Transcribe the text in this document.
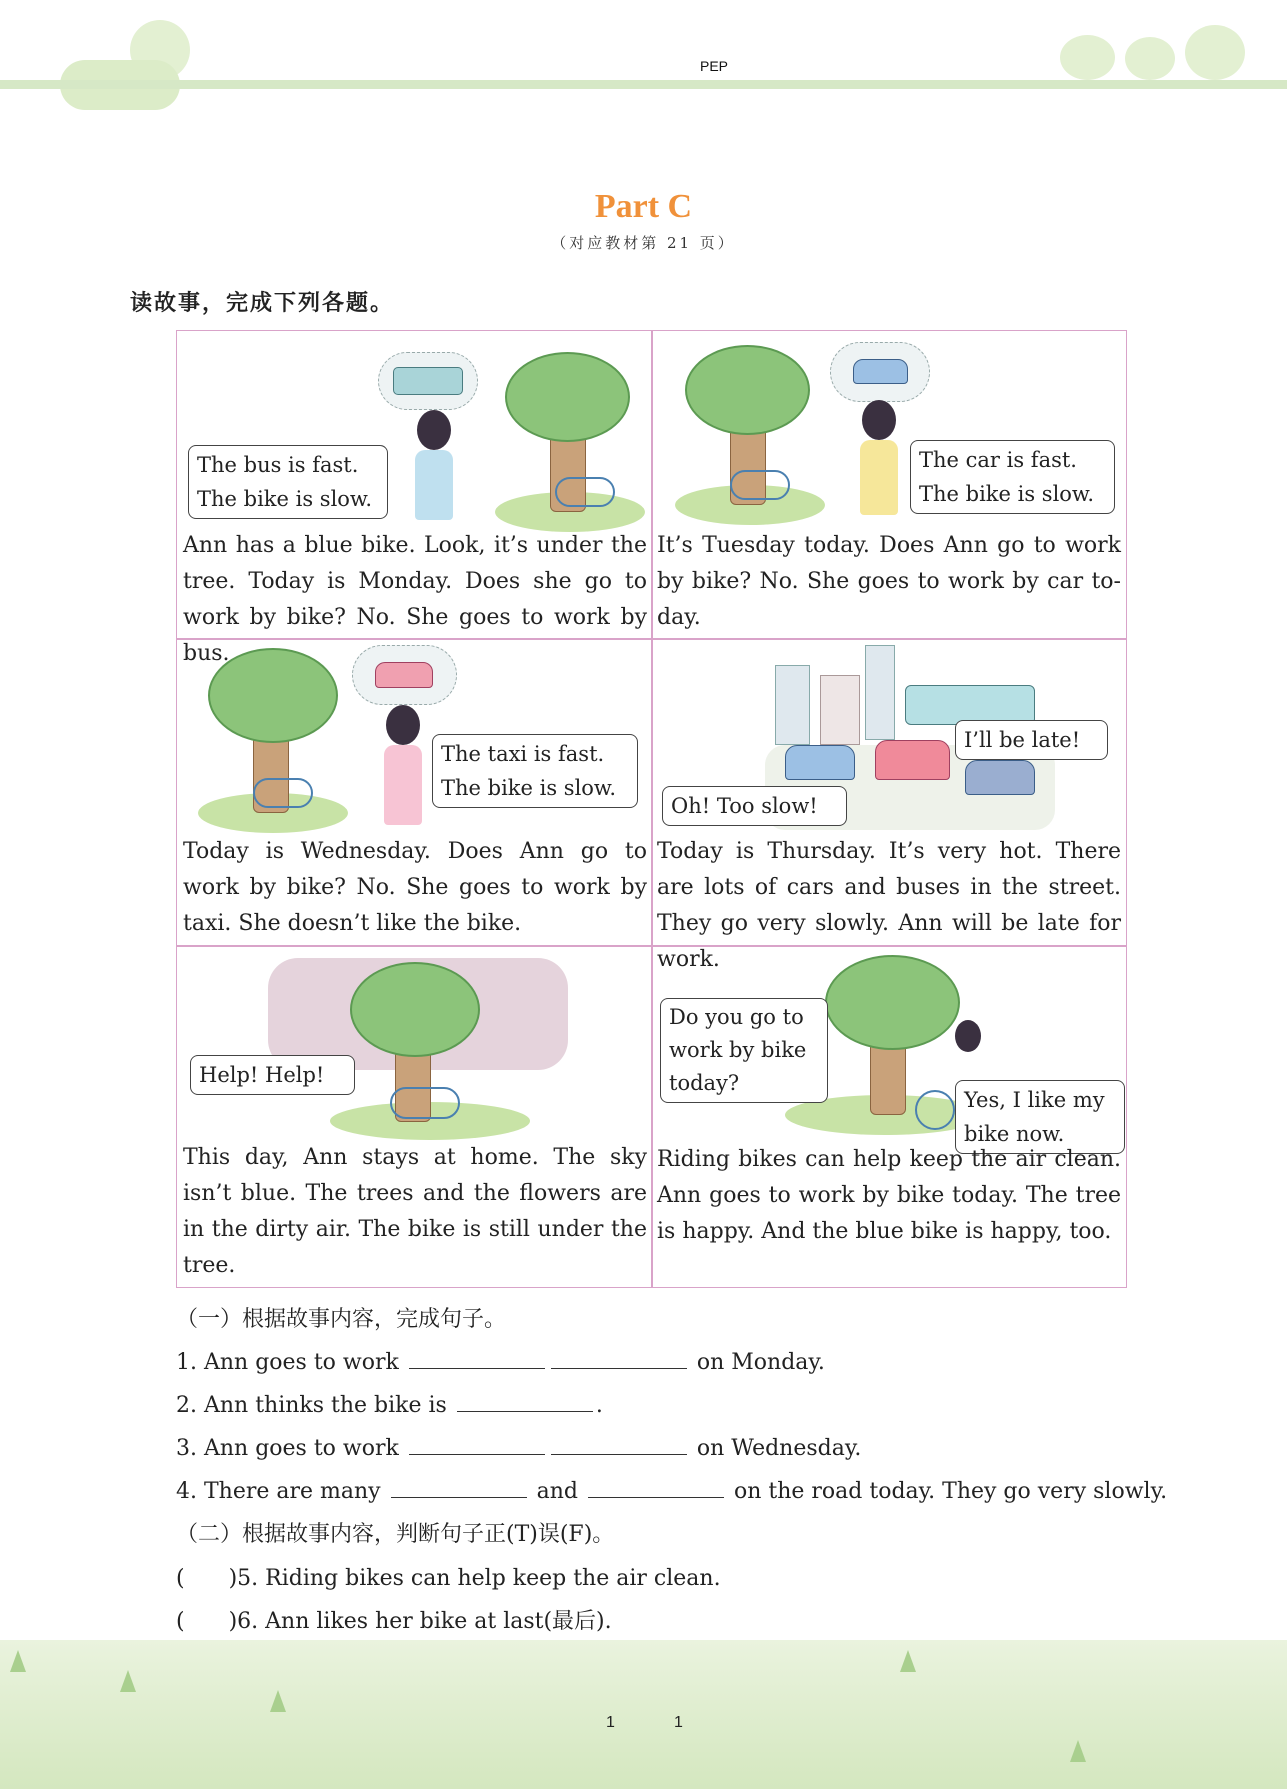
PEP
Part C
（对应教材第 21 页）
读故事，完成下列各题。
The bus is fast.
The bike is slow.
Ann has a blue bike. Look, it’s under the tree. Today is Monday. Does she go to work by bike? No. She goes to work by bus.
The car is fast.
The bike is slow.
It’s Tuesday today. Does Ann go to work by bike? No. She goes to work by car to-day.
The taxi is fast.
The bike is slow.
Today is Wednesday. Does Ann go to work by bike? No. She goes to work by taxi. She doesn’t like the bike.
I’ll be late!
Oh! Too slow!
Today is Thursday. It’s very hot. There are lots of cars and buses in the street. They go very slowly. Ann will be late for work.
Help! Help!
This day, Ann stays at home. The sky isn’t blue. The trees and the flowers are in the dirty air. The bike is still under the tree.
Do you go to
work by bike
today?
Yes, I like my
bike now.
Riding bikes can help keep the air clean. Ann goes to work by bike today. The tree is happy. And the blue bike is happy, too.
（一）根据故事内容，完成句子。
1. Ann goes to work	on Monday.
2. Ann thinks the bike is	.
3. Ann goes to work	on Wednesday.
4. There are many	and	on the road today. They go very slowly.
（二）根据故事内容，判断句子正(T)误(F)。
(　　)5. Riding bikes can help keep the air clean.
(　　)6. Ann likes her bike at last(最后).
1	1
